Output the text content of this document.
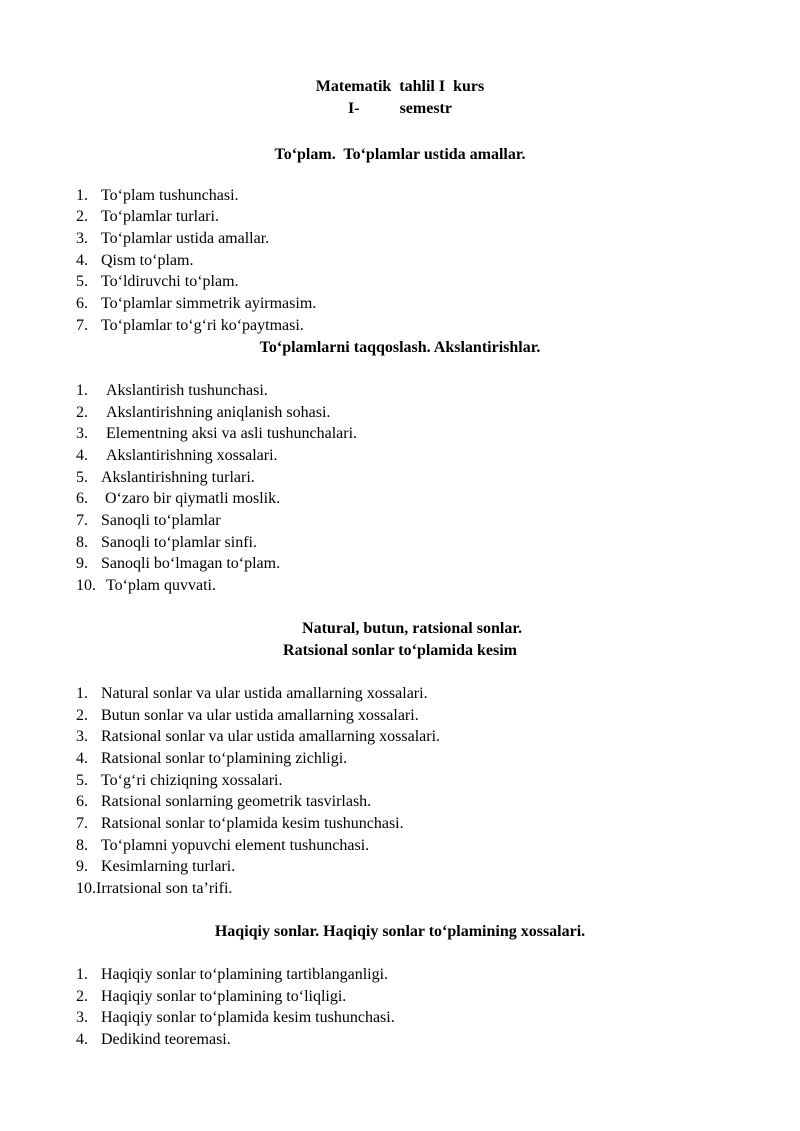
Matematik  tahlil I  kurs
I-	semestr
To‘plam.  To‘plamlar ustida amallar.
1. To‘plam tushunchasi.
2. To‘plamlar turlari.
3. To‘plamlar ustida amallar.
4. Qism to‘plam.
5. To‘ldiruvchi to‘plam.
6. To‘plamlar simmetrik ayirmasim.
7. To‘plamlar to‘g‘ri ko‘paytmasi.
To‘plamlarni taqqoslash. Akslantirishlar.
1. Akslantirish tushunchasi.
2. Akslantirishning aniqlanish sohasi.
3. Elementning aksi va asli tushunchalari.
4. Akslantirishning xossalari.
5. Akslantirishning turlari.
6. O‘zaro bir qiymatli moslik.
7. Sanoqli to‘plamlar
8. Sanoqli to‘plamlar sinfi.
9. Sanoqli bo‘lmagan to‘plam.
10. To‘plam quvvati.
Natural, butun, ratsional sonlar.
Ratsional sonlar to‘plamida kesim
1. Natural sonlar va ular ustida amallarning xossalari.
2. Butun sonlar va ular ustida amallarning xossalari.
3. Ratsional sonlar va ular ustida amallarning xossalari.
4. Ratsional sonlar to‘plamining zichligi.
5. To‘g‘ri chiziqning xossalari.
6. Ratsional sonlarning geometrik tasvirlash.
7. Ratsional sonlar to‘plamida kesim tushunchasi.
8. To‘plamni yopuvchi element tushunchasi.
9. Kesimlarning turlari.
10.Irratsional son ta’rifi.
Haqiqiy sonlar. Haqiqiy sonlar to‘plamining xossalari.
1. Haqiqiy sonlar to‘plamining tartiblanganligi.
2. Haqiqiy sonlar to‘plamining to‘liqligi.
3. Haqiqiy sonlar to‘plamida kesim tushunchasi.
4. Dedikind teoremasi.
